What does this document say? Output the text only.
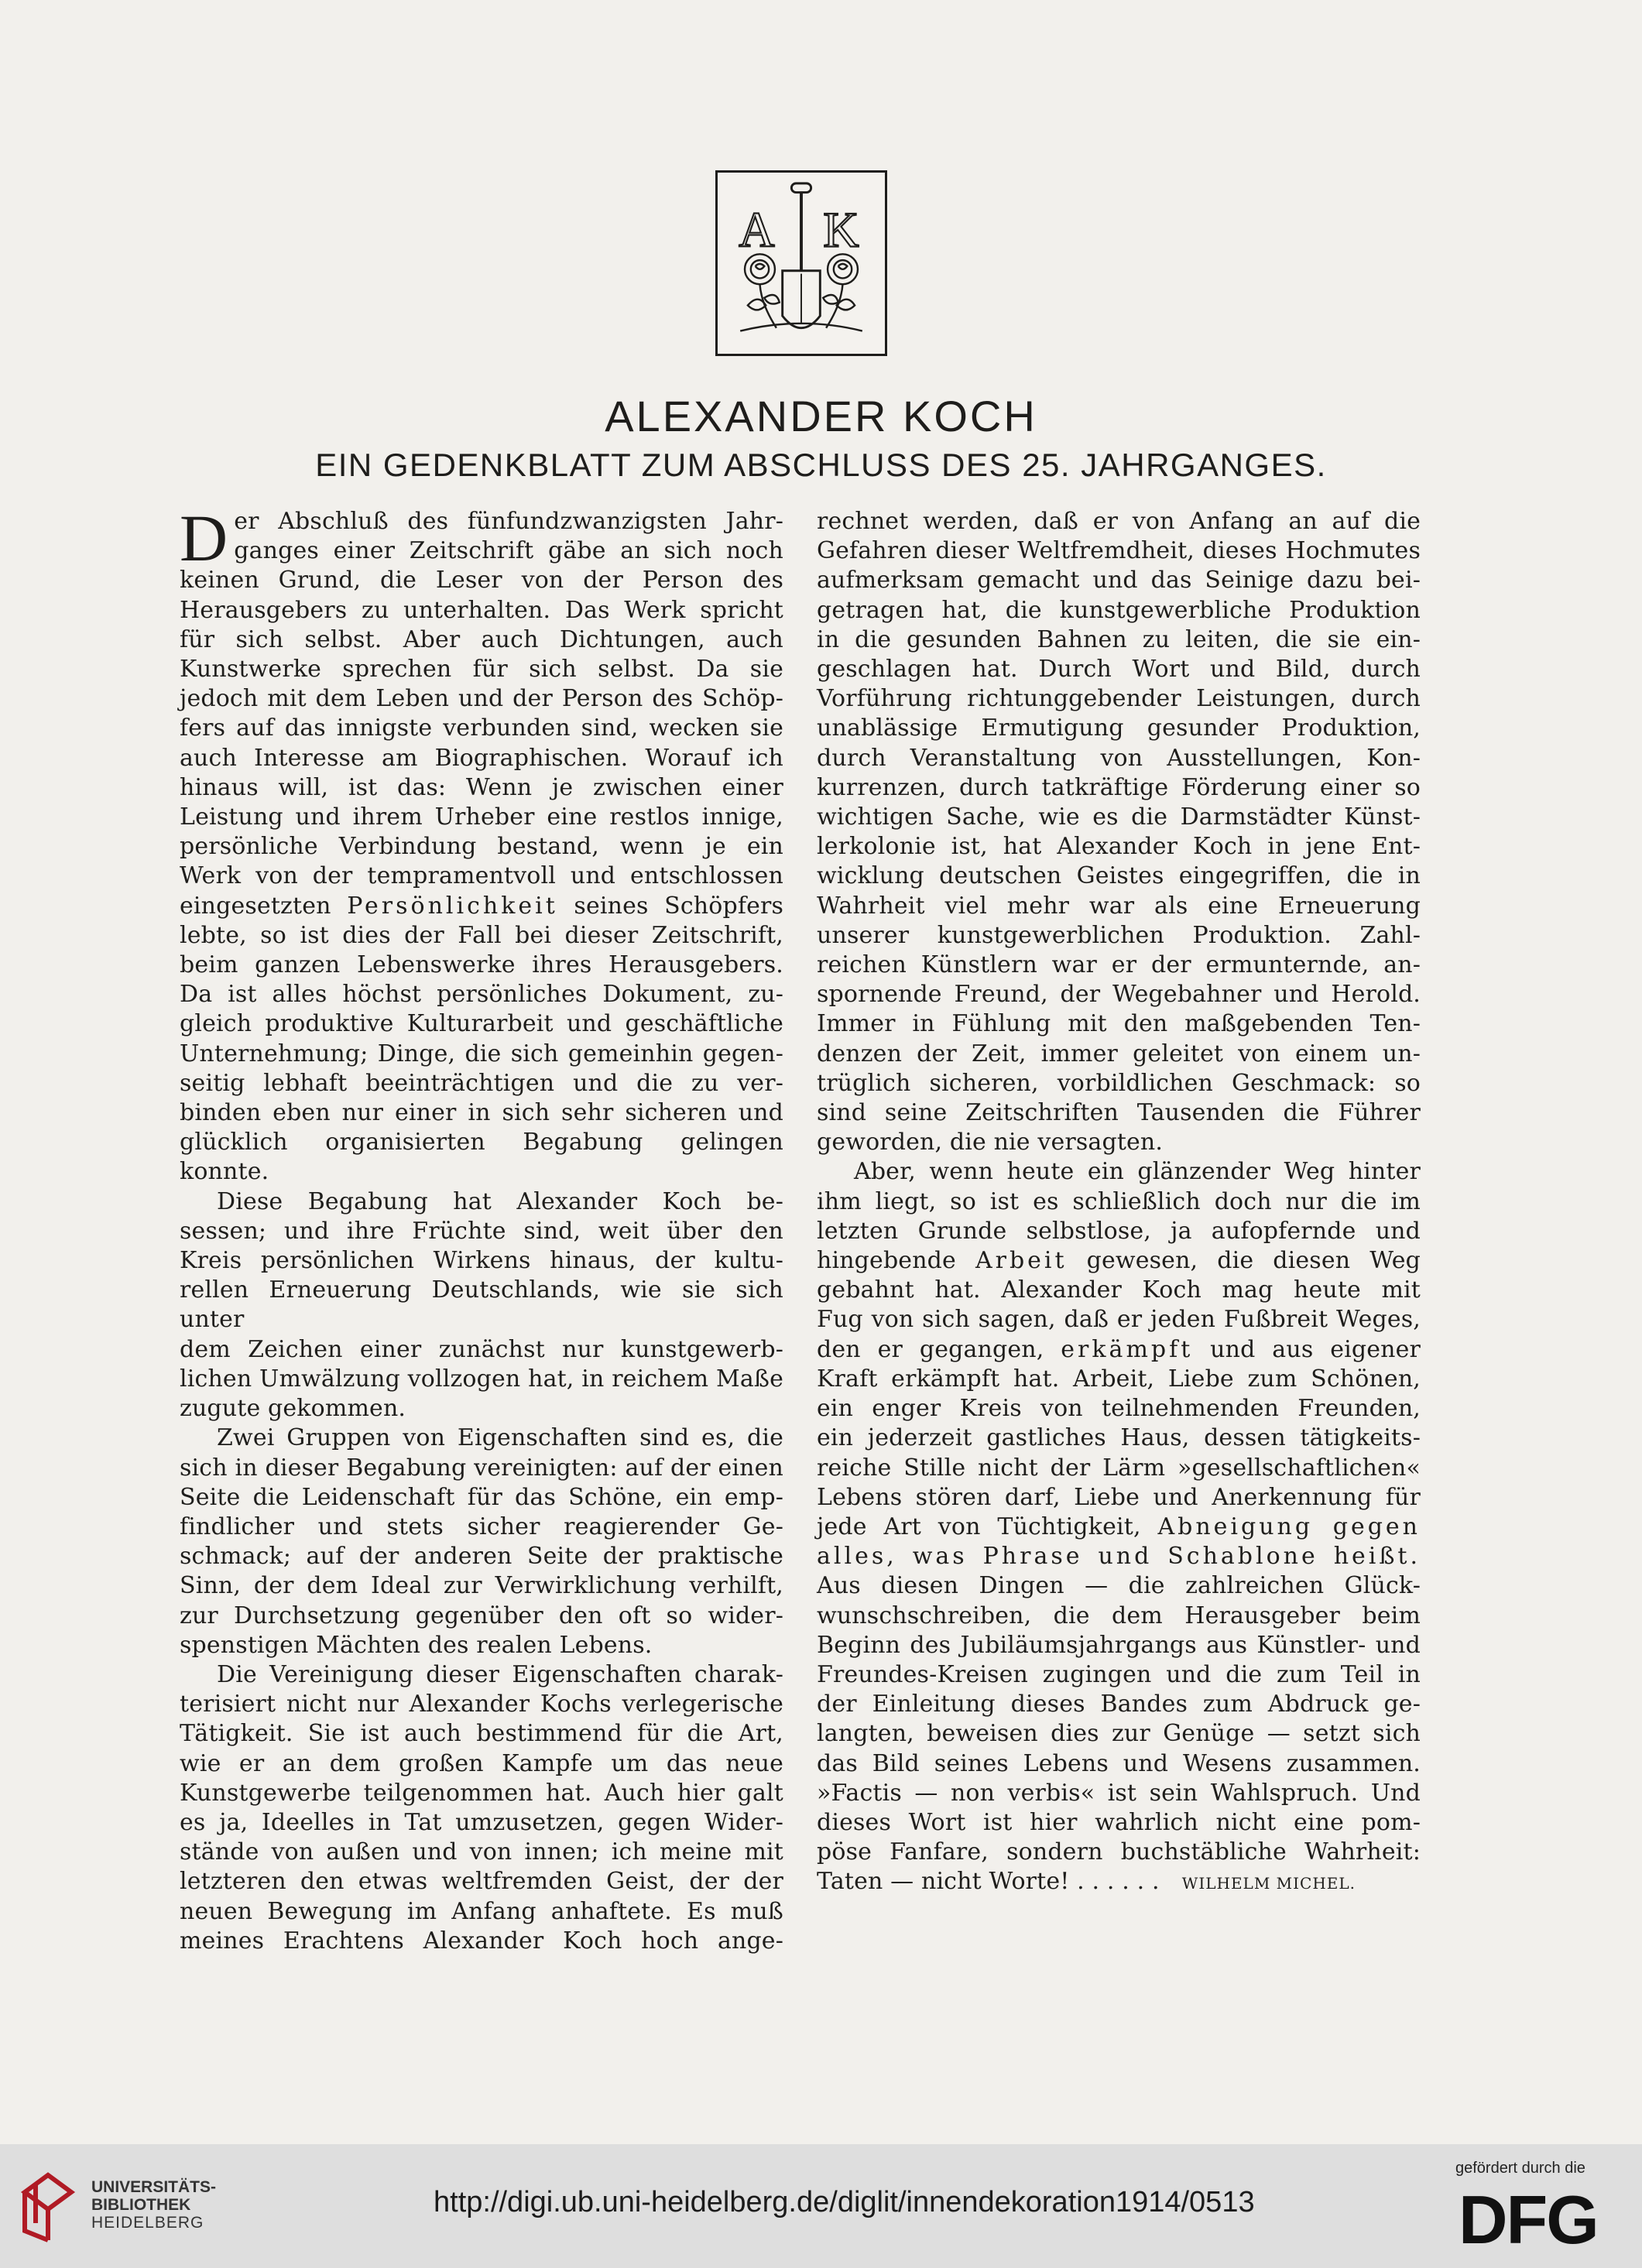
A K
ALEXANDER KOCH
EIN GEDENKBLATT ZUM ABSCHLUSS DES 25. JAHRGANGES.

D er Abschluß des fünfundzwanzigsten Jahr-
ganges einer Zeitschrift gäbe an sich noch
keinen Grund, die Leser von der Person des
Herausgebers zu unterhalten. Das Werk spricht
für sich selbst. Aber auch Dichtungen, auch
Kunstwerke sprechen für sich selbst. Da sie
jedoch mit dem Leben und der Person des Schöp-
fers auf das innigste verbunden sind, wecken sie
auch Interesse am Biographischen. Worauf ich
hinaus will, ist das: Wenn je zwischen einer
Leistung und ihrem Urheber eine restlos innige,
persönliche Verbindung bestand, wenn je ein
Werk von der tempramentvoll und entschlossen
eingesetzten Persönlichkeit seines Schöpfers
lebte, so ist dies der Fall bei dieser Zeitschrift,
beim ganzen Lebenswerke ihres Herausgebers.
Da ist alles höchst persönliches Dokument, zu-
gleich produktive Kulturarbeit und geschäftliche
Unternehmung; Dinge, die sich gemeinhin gegen-
seitig lebhaft beeinträchtigen und die zu ver-
binden eben nur einer in sich sehr sicheren und
glücklich organisierten Begabung gelingen konnte.

Diese Begabung hat Alexander Koch be-
sessen; und ihre Früchte sind, weit über den
Kreis persönlichen Wirkens hinaus, der kultu-
rellen Erneuerung Deutschlands, wie sie sich unter
dem Zeichen einer zunächst nur kunstgewerb-
lichen Umwälzung vollzogen hat, in reichem Maße
zugute gekommen.

Zwei Gruppen von Eigenschaften sind es, die
sich in dieser Begabung vereinigten: auf der einen
Seite die Leidenschaft für das Schöne, ein emp-
findlicher und stets sicher reagierender Ge-
schmack; auf der anderen Seite der praktische
Sinn, der dem Ideal zur Verwirklichung verhilft,
zur Durchsetzung gegenüber den oft so wider-
spenstigen Mächten des realen Lebens.

Die Vereinigung dieser Eigenschaften charak-
terisiert nicht nur Alexander Kochs verlegerische
Tätigkeit. Sie ist auch bestimmend für die Art,
wie er an dem großen Kampfe um das neue
Kunstgewerbe teilgenommen hat. Auch hier galt
es ja, Ideelles in Tat umzusetzen, gegen Wider-
stände von außen und von innen; ich meine mit
letzteren den etwas weltfremden Geist, der der
neuen Bewegung im Anfang anhaftete. Es muß
meines Erachtens Alexander Koch hoch ange-

rechnet werden, daß er von Anfang an auf die
Gefahren dieser Weltfremdheit, dieses Hochmutes
aufmerksam gemacht und das Seinige dazu bei-
getragen hat, die kunstgewerbliche Produktion
in die gesunden Bahnen zu leiten, die sie ein-
geschlagen hat. Durch Wort und Bild, durch
Vorführung richtunggebender Leistungen, durch
unablässige Ermutigung gesunder Produktion,
durch Veranstaltung von Ausstellungen, Kon-
kurrenzen, durch tatkräftige Förderung einer so
wichtigen Sache, wie es die Darmstädter Künst-
lerkolonie ist, hat Alexander Koch in jene Ent-
wicklung deutschen Geistes eingegriffen, die in
Wahrheit viel mehr war als eine Erneuerung
unserer kunstgewerblichen Produktion. Zahl-
reichen Künstlern war er der ermunternde, an-
spornende Freund, der Wegebahner und Herold.
Immer in Fühlung mit den maßgebenden Ten-
denzen der Zeit, immer geleitet von einem un-
trüglich sicheren, vorbildlichen Geschmack: so
sind seine Zeitschriften Tausenden die Führer
geworden, die nie versagten.

Aber, wenn heute ein glänzender Weg hinter
ihm liegt, so ist es schließlich doch nur die im
letzten Grunde selbstlose, ja aufopfernde und
hingebende Arbeit gewesen, die diesen Weg
gebahnt hat. Alexander Koch mag heute mit
Fug von sich sagen, daß er jeden Fußbreit Weges,
den er gegangen, erkämpft und aus eigener
Kraft erkämpft hat. Arbeit, Liebe zum Schönen,
ein enger Kreis von teilnehmenden Freunden,
ein jederzeit gastliches Haus, dessen tätigkeits-
reiche Stille nicht der Lärm »gesellschaftlichen«
Lebens stören darf, Liebe und Anerkennung für
jede Art von Tüchtigkeit, Abneigung gegen
alles, was Phrase und Schablone heißt.
Aus diesen Dingen — die zahlreichen Glück-
wunschschreiben, die dem Herausgeber beim
Beginn des Jubiläumsjahrgangs aus Künstler- und
Freundes-Kreisen zugingen und die zum Teil in
der Einleitung dieses Bandes zum Abdruck ge-
langten, beweisen dies zur Genüge — setzt sich
das Bild seines Lebens und Wesens zusammen.
»Factis — non verbis« ist sein Wahlspruch. Und
dieses Wort ist hier wahrlich nicht eine pom-
pöse Fanfare, sondern buchstäbliche Wahrheit:
Taten — nicht Worte! . . . . . . WILHELM MICHEL.

UNIVERSITÄTS-
BIBLIOTHEK
HEIDELBERG
http://digi.ub.uni-heidelberg.de/diglit/innendekoration1914/0513
gefördert durch die
DFG
